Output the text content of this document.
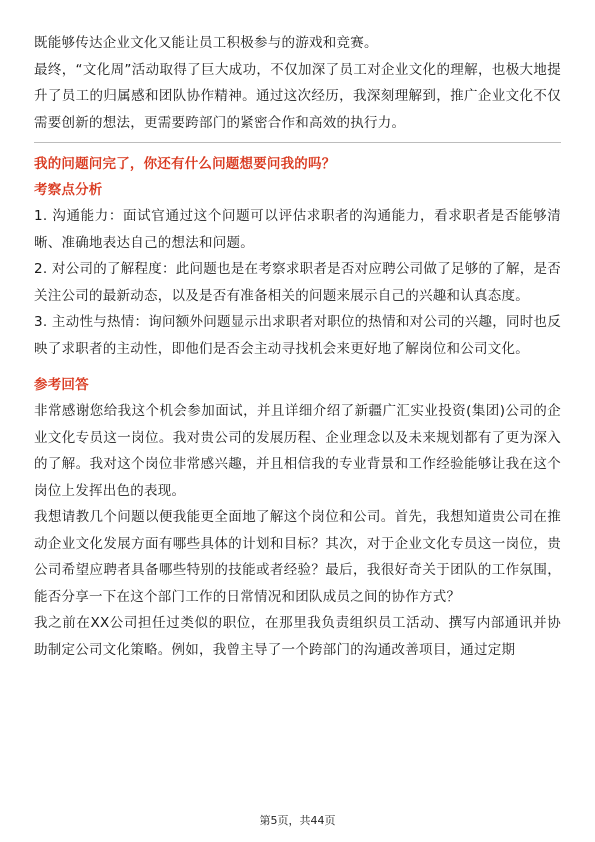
既能够传达企业文化又能让员工积极参与的游戏和竞赛。

最终，“文化周”活动取得了巨大成功，不仅加深了员工对企业文化的理解，也极大地提升了员工的归属感和团队协作精神。通过这次经历，我深刻理解到，推广企业文化不仅需要创新的想法，更需要跨部门的紧密合作和高效的执行力。

我的问题问完了，你还有什么问题想要问我的吗？
考察点分析

1. 沟通能力：面试官通过这个问题可以评估求职者的沟通能力，看求职者是否能够清晰、准确地表达自己的想法和问题。

2. 对公司的了解程度：此问题也是在考察求职者是否对应聘公司做了足够的了解，是否关注公司的最新动态，以及是否有准备相关的问题来展示自己的兴趣和认真态度。

3. 主动性与热情：询问额外问题显示出求职者对职位的热情和对公司的兴趣，同时也反映了求职者的主动性，即他们是否会主动寻找机会来更好地了解岗位和公司文化。

参考回答

非常感谢您给我这个机会参加面试，并且详细介绍了新疆广汇实业投资(集团)公司的企业文化专员这一岗位。我对贵公司的发展历程、企业理念以及未来规划都有了更为深入的了解。我对这个岗位非常感兴趣，并且相信我的专业背景和工作经验能够让我在这个岗位上发挥出色的表现。

我想请教几个问题以便我能更全面地了解这个岗位和公司。首先，我想知道贵公司在推动企业文化发展方面有哪些具体的计划和目标？其次，对于企业文化专员这一岗位，贵公司希望应聘者具备哪些特别的技能或者经验？最后，我很好奇关于团队的工作氛围，能否分享一下在这个部门工作的日常情况和团队成员之间的协作方式？

我之前在XX公司担任过类似的职位，在那里我负责组织员工活动、撰写内部通讯并协助制定公司文化策略。例如，我曾主导了一个跨部门的沟通改善项目，通过定期

第5页，共44页
